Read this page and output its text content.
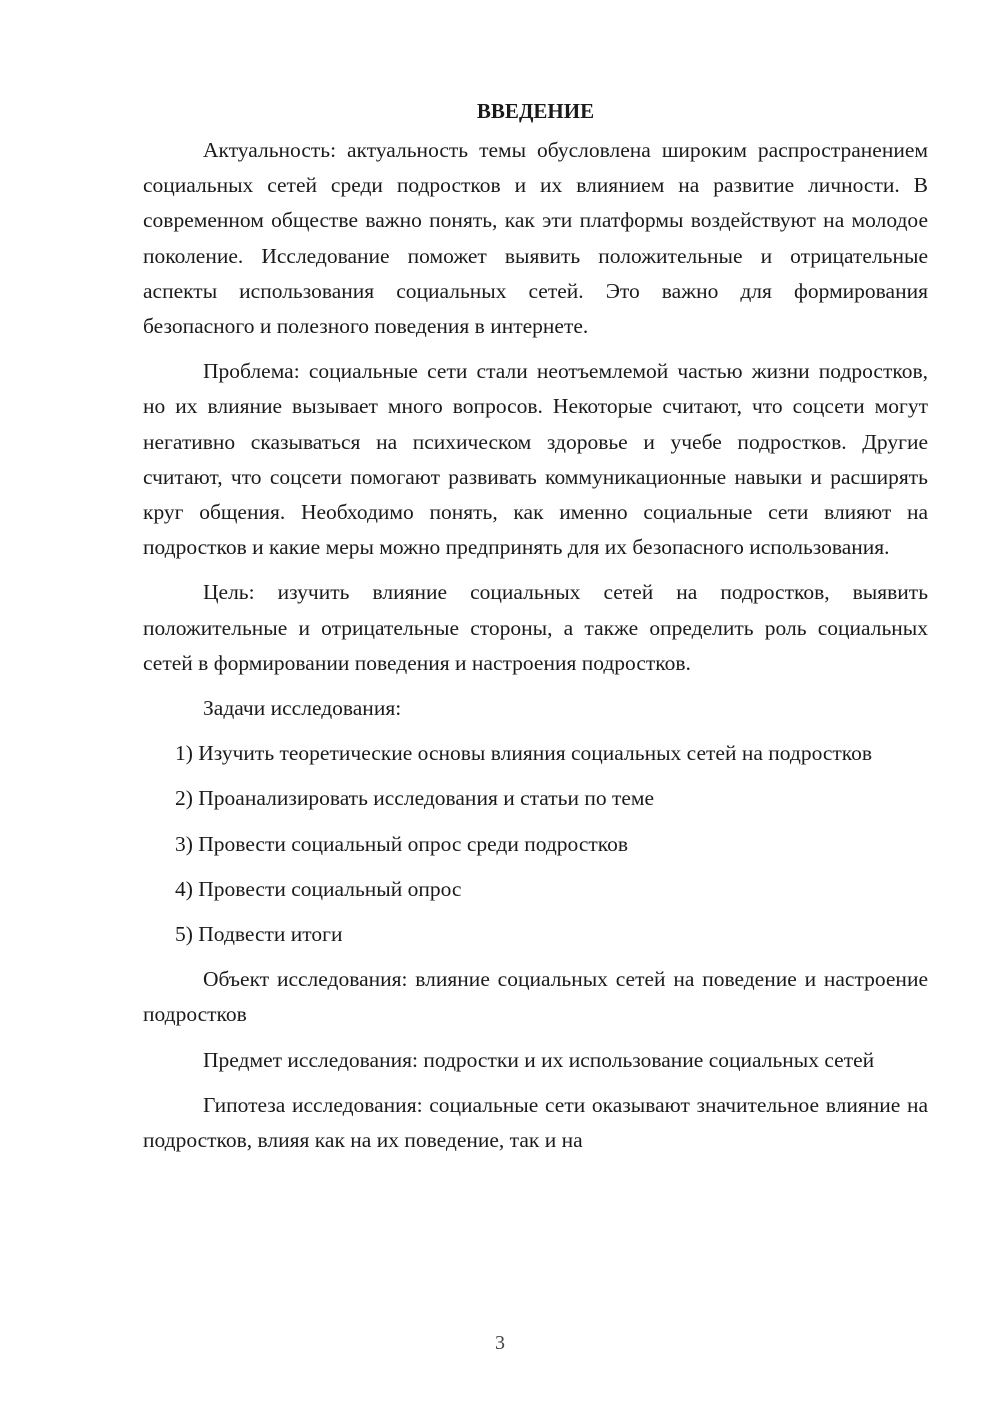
ВВЕДЕНИЕ

Актуальность: актуальность темы обусловлена широким распространением социальных сетей среди подростков и их влиянием на развитие личности. В современном обществе важно понять, как эти платформы воздействуют на молодое поколение. Исследование поможет выявить положительные и отрицательные аспекты использования социальных сетей. Это важно для формирования безопасного и полезного поведения в интернете.

Проблема: социальные сети стали неотъемлемой частью жизни подростков, но их влияние вызывает много вопросов. Некоторые считают, что соцсети могут негативно сказываться на психическом здоровье и учебе подростков. Другие считают, что соцсети помогают развивать коммуникационные навыки и расширять круг общения. Необходимо понять, как именно социальные сети влияют на подростков и какие меры можно предпринять для их безопасного использования.

Цель: изучить влияние социальных сетей на подростков, выявить положительные и отрицательные стороны, а также определить роль социальных сетей в формировании поведения и настроения подростков.

Задачи исследования:

1) Изучить теоретические основы влияния социальных сетей на подростков

2) Проанализировать исследования и статьи по теме

3) Провести социальный опрос среди подростков

4) Провести социальный опрос

5) Подвести итоги

Объект исследования: влияние социальных сетей на поведение и настроение подростков

Предмет исследования: подростки и их использование социальных сетей

Гипотеза исследования: социальные сети оказывают значительное влияние на подростков, влияя как на их поведение, так и на

3
